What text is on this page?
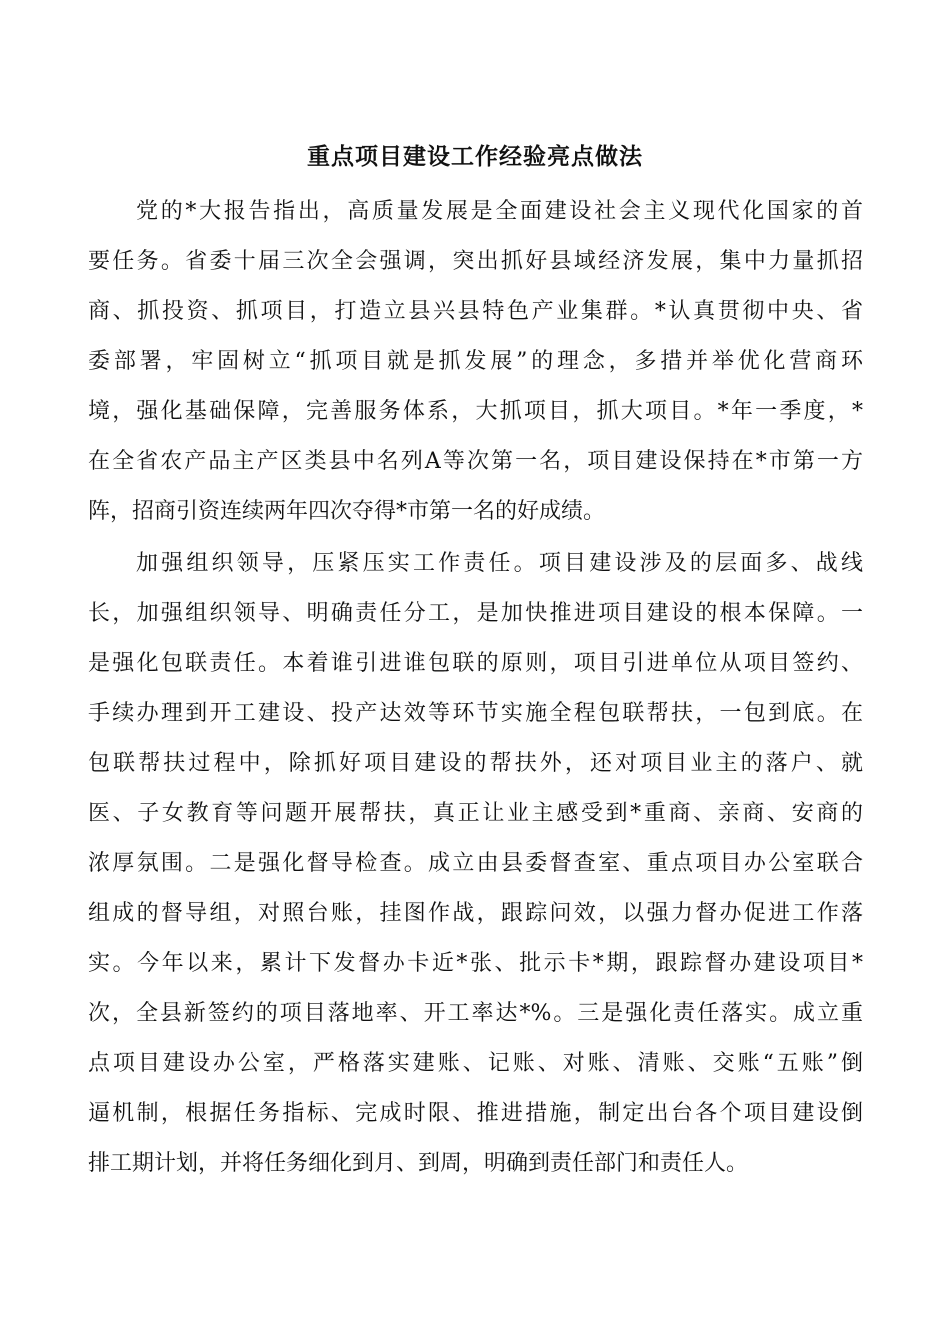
重点项目建设工作经验亮点做法
党的*大报告指出，高质量发展是全面建设社会主义现代化国家的首
要任务。省委十届三次全会强调，突出抓好县域经济发展，集中力量抓招
商、抓投资、抓项目，打造立县兴县特色产业集群。*认真贯彻中央、省
委部署，牢固树立“抓项目就是抓发展”的理念，多措并举优化营商环
境，强化基础保障，完善服务体系，大抓项目，抓大项目。*年一季度，*
在全省农产品主产区类县中名列A等次第一名，项目建设保持在*市第一方
阵，招商引资连续两年四次夺得*市第一名的好成绩。
加强组织领导，压紧压实工作责任。项目建设涉及的层面多、战线
长，加强组织领导、明确责任分工，是加快推进项目建设的根本保障。一
是强化包联责任。本着谁引进谁包联的原则，项目引进单位从项目签约、
手续办理到开工建设、投产达效等环节实施全程包联帮扶，一包到底。在
包联帮扶过程中，除抓好项目建设的帮扶外，还对项目业主的落户、就
医、子女教育等问题开展帮扶，真正让业主感受到*重商、亲商、安商的
浓厚氛围。二是强化督导检查。成立由县委督查室、重点项目办公室联合
组成的督导组，对照台账，挂图作战，跟踪问效，以强力督办促进工作落
实。今年以来，累计下发督办卡近*张、批示卡*期，跟踪督办建设项目*
次，全县新签约的项目落地率、开工率达*%。三是强化责任落实。成立重
点项目建设办公室，严格落实建账、记账、对账、清账、交账“五账”倒
逼机制，根据任务指标、完成时限、推进措施，制定出台各个项目建设倒
排工期计划，并将任务细化到月、到周，明确到责任部门和责任人。
